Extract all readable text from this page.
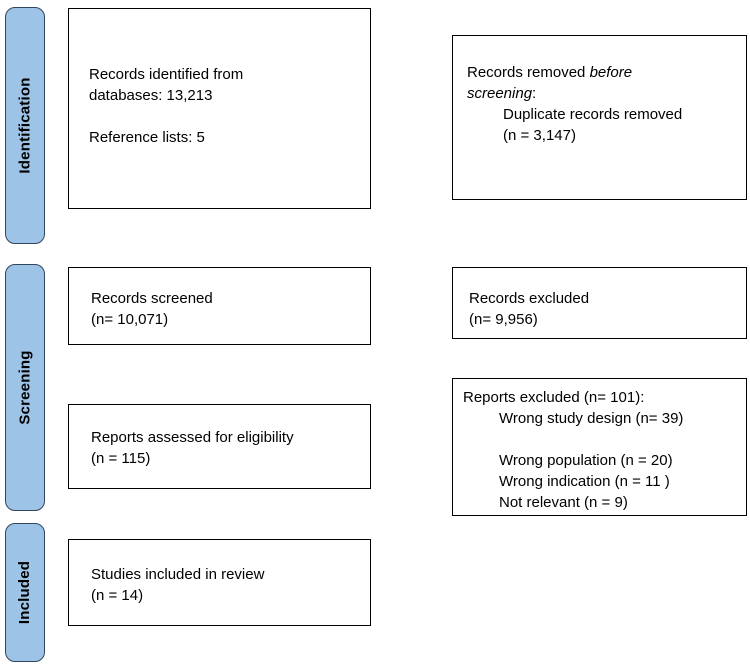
Identification
Screening
Included
Records identified from
databases: 13,213
Reference lists: 5
Records removed before
screening:
Duplicate records removed
(n = 3,147)
Records screened
(n= 10,071)
Records excluded
(n= 9,956)
Reports assessed for eligibility
(n = 115)
Reports excluded (n= 101):
Wrong study design (n= 39)
Wrong population (n = 20)
Wrong indication (n = 11 )
Not relevant (n = 9)
Studies included in review
(n = 14)
